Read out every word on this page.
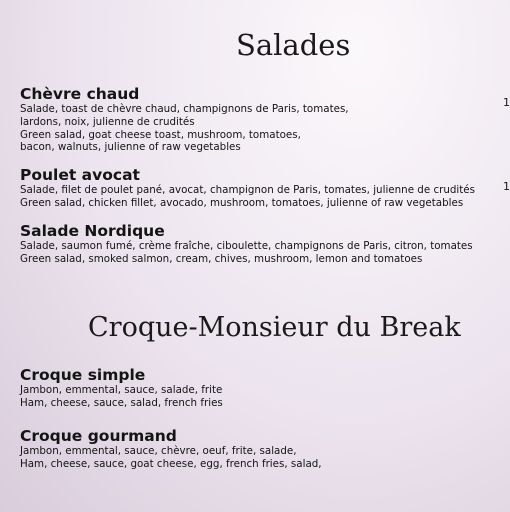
Salades
Chèvre chaud
Salade, toast de chèvre chaud, champignons de Paris, tomates,
lardons, noix, julienne de crudités
Green salad, goat cheese toast, mushroom, tomatoes,
bacon, walnuts, julienne of raw vegetables
Poulet avocat
Salade, filet de poulet pané, avocat, champignon de Paris, tomates, julienne de crudités
Green salad, chicken fillet, avocado, mushroom, tomatoes, julienne of raw vegetables
Salade Nordique
Salade, saumon fumé, crème fraîche, ciboulette, champignons de Paris, citron, tomates
Green salad, smoked salmon, cream, chives, mushroom, lemon and tomatoes
Croque-Monsieur du Break
Croque simple
Jambon, emmental, sauce, salade, frite
Ham, cheese, sauce, salad, french fries
Croque gourmand
Jambon, emmental, sauce, chèvre, oeuf, frite, salade,
Ham, cheese, sauce, goat cheese, egg, french fries, salad,
1
1
